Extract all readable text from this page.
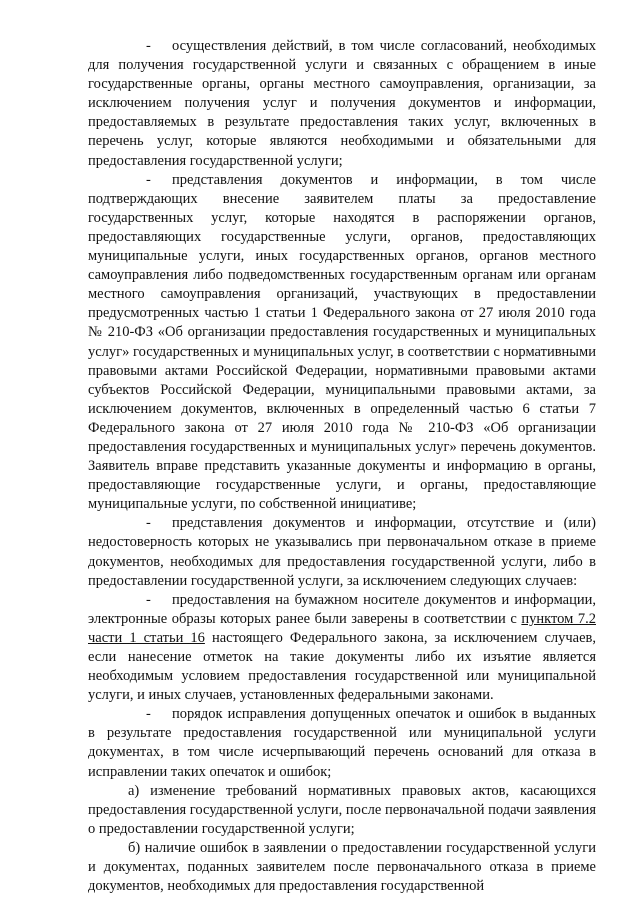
- осуществления действий, в том числе согласований, необходимых для получения государственной услуги и связанных с обращением в иные государственные органы, органы местного самоуправления, организации, за исключением получения услуг и получения документов и информации, предоставляемых в результате предоставления таких услуг, включенных в перечень услуг, которые являются необходимыми и обязательными для предоставления государственной услуги;

- представления документов и информации, в том числе подтверждающих внесение заявителем платы за предоставление государственных услуг, которые находятся в распоряжении органов, предоставляющих государственные услуги, органов, предоставляющих муниципальные услуги, иных государственных органов, органов местного самоуправления либо подведомственных государственным органам или органам местного самоуправления организаций, участвующих в предоставлении предусмотренных частью 1 статьи 1 Федерального закона от 27 июля 2010 года № 210-ФЗ «Об организации предоставления государственных и муниципальных услуг» государственных и муниципальных услуг, в соответствии с нормативными правовыми актами Российской Федерации, нормативными правовыми актами субъектов Российской Федерации, муниципальными правовыми актами, за исключением документов, включенных в определенный частью 6 статьи 7 Федерального закона от 27 июля 2010 года № 210-ФЗ «Об организации предоставления государственных и муниципальных услуг» перечень документов. Заявитель вправе представить указанные документы и информацию в органы, предоставляющие государственные услуги, и органы, предоставляющие муниципальные услуги, по собственной инициативе;

- представления документов и информации, отсутствие и (или) недостоверность которых не указывались при первоначальном отказе в приеме документов, необходимых для предоставления государственной услуги, либо в предоставлении государственной услуги, за исключением следующих случаев:

- предоставления на бумажном носителе документов и информации, электронные образы которых ранее были заверены в соответствии с пунктом 7.2 части 1 статьи 16 настоящего Федерального закона, за исключением случаев, если нанесение отметок на такие документы либо их изъятие является необходимым условием предоставления государственной или муниципальной услуги, и иных случаев, установленных федеральными законами.

- порядок исправления допущенных опечаток и ошибок в выданных в результате предоставления государственной или муниципальной услуги документах, в том числе исчерпывающий перечень оснований для отказа в исправлении таких опечаток и ошибок;

а) изменение требований нормативных правовых актов, касающихся предоставления государственной услуги, после первоначальной подачи заявления о предоставлении государственной услуги;

б) наличие ошибок в заявлении о предоставлении государственной услуги и документах, поданных заявителем после первоначального отказа в приеме документов, необходимых для предоставления государственной
